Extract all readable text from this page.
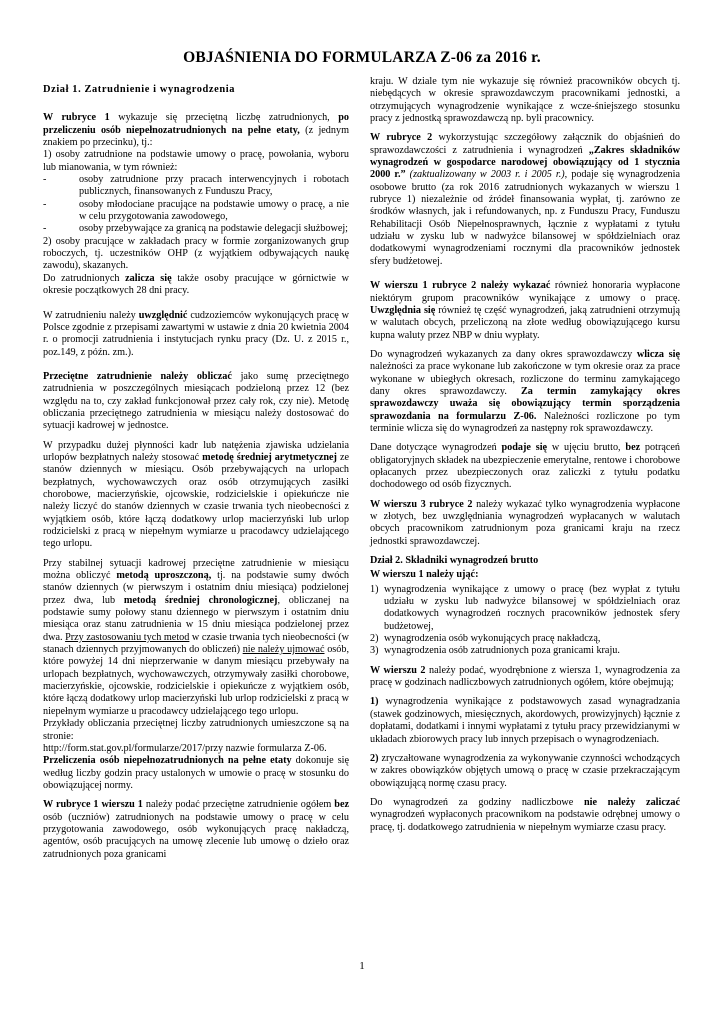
OBJAŚNIENIA DO FORMULARZA Z-06 za 2016 r.
Dział 1. Zatrudnienie i wynagrodzenia

W rubryce 1 wykazuje się przeciętną liczbę zatrudnionych, po przeliczeniu osób niepełnozatrudnionych na pełne etaty, (z jednym znakiem po przecinku), tj.:

1) osoby zatrudnione na podstawie umowy o pracę, powołania, wyboru lub mianowania, w tym również:

-	osoby zatrudnione przy pracach interwencyjnych i robotach publicznych, finansowanych z Funduszu Pracy,
-	osoby młodociane pracujące na podstawie umowy o pracę, a nie w celu przygotowania zawodowego,
-	osoby przebywające za granicą na podstawie delegacji służbowej;

2) osoby pracujące w zakładach pracy w formie zorganizowanych grup roboczych, tj. uczestników OHP (z wyjątkiem odbywających naukę zawodu), skazanych.

Do zatrudnionych zalicza się także osoby pracujące w górnictwie w okresie początkowych 28 dni pracy.

W zatrudnieniu należy uwzględnić cudzoziemców wykonujących pracę w Polsce zgodnie z przepisami zawartymi w ustawie z dnia 20 kwietnia 2004 r. o promocji zatrudnienia i instytucjach rynku pracy (Dz. U. z 2015 r., poz.149, z późn. zm.).

Przeciętne zatrudnienie należy obliczać jako sumę przeciętnego zatrudnienia w poszczególnych miesiącach podzieloną przez 12 (bez względu na to, czy zakład funkcjonował przez cały rok, czy nie). Metodę obliczania przeciętnego zatrudnienia w miesiącu należy dostosować do sytuacji kadrowej w jednostce.

W przypadku dużej płynności kadr lub natężenia zjawiska udzielania urlopów bezpłatnych należy stosować metodę średniej arytmetycznej ze stanów dziennych w miesiącu. Osób przebywających na urlopach bezpłatnych, wychowawczych oraz osób otrzymujących zasiłki chorobowe, macierzyńskie, ojcowskie, rodzicielskie i opiekuńcze nie należy liczyć do stanów dziennych w czasie trwania tych nieobecności z wyjątkiem osób, które łączą dodatkowy urlop macierzyński lub urlop rodzicielski z pracą w niepełnym wymiarze u pracodawcy udzielającego tego urlopu.

Przy stabilnej sytuacji kadrowej przeciętne zatrudnienie w miesiącu można obliczyć metodą uproszczoną, tj. na podstawie sumy dwóch stanów dziennych (w pierwszym i ostatnim dniu miesiąca) podzielonej przez dwa, lub metodą średniej chronologicznej, obliczanej na podstawie sumy połowy stanu dziennego w pierwszym i ostatnim dniu miesiąca oraz stanu zatrudnienia w 15 dniu miesiąca podzielonej przez dwa. Przy zastosowaniu tych metod w czasie trwania tych nieobecności (w stanach dziennych przyjmowanych do obliczeń) nie należy ujmować osób, które powyżej 14 dni nieprzerwanie w danym miesiącu przebywały na urlopach bezpłatnych, wychowawczych, otrzymywały zasiłki chorobowe, macierzyńskie, ojcowskie, rodzicielskie i opiekuńcze z wyjątkiem osób, które łączą dodatkowy urlop macierzyński lub urlop rodzicielski z pracą w niepełnym wymiarze u pracodawcy udzielającego tego urlopu.

Przykłady obliczania przeciętnej liczby zatrudnionych umieszczone są na stronie:

http://form.stat.gov.pl/formularze/2017/przy nazwie formularza Z-06.

Przeliczenia osób niepełnozatrudnionych na pełne etaty dokonuje się według liczby godzin pracy ustalonych w umowie o pracę w stosunku do obowiązującej normy.

W rubryce 1 wierszu 1 należy podać przeciętne zatrudnienie ogółem bez osób (uczniów) zatrudnionych na podstawie umowy o pracę w celu przygotowania zawodowego, osób wykonujących pracę nakładczą, agentów, osób pracujących na umowę zlecenie lub umowę o dzieło oraz zatrudnionych poza granicami

kraju. W dziale tym nie wykazuje się również pracowników obcych tj. niebędących w okresie sprawozdawczym pracownikami jednostki, a otrzymujących wynagrodzenie wynikające z wcze-śniejszego stosunku pracy z jednostką sprawozdawczą np. byli pracownicy.

W rubryce 2 wykorzystując szczegółowy załącznik do objaśnień do sprawozdawczości z zatrudnienia i wynagrodzeń „Zakres składników wynagrodzeń w gospodarce narodowej obowiązujący od 1 stycznia 2000 r.” (zaktualizowany w 2003 r. i 2005 r.), podaje się wynagrodzenia osobowe brutto (za rok 2016 zatrudnionych wykazanych w wierszu 1 rubryce 1) niezależnie od źródeł finansowania wypłat, tj. zarówno ze środków własnych, jak i refundowanych, np. z Funduszu Pracy, Funduszu Rehabilitacji Osób Niepełnosprawnych, łącznie z wypłatami z tytułu udziału w zysku lub w nadwyżce bilansowej w spółdzielniach oraz dodatkowymi wynagrodzeniami rocznymi dla pracowników jednostek sfery budżetowej.

W wierszu 1 rubryce 2 należy wykazać również honoraria wypłacone niektórym grupom pracowników wynikające z umowy o pracę. Uwzględnia się również tę część wynagrodzeń, jaką zatrudnieni otrzymują w walutach obcych, przeliczoną na złote według obowiązującego kursu kupna waluty przez NBP w dniu wypłaty.

Do wynagrodzeń wykazanych za dany okres sprawozdawczy wlicza się należności za prace wykonane lub zakończone w tym okresie oraz za prace wykonane w ubiegłych okresach, rozliczone do terminu zamykającego dany okres sprawozdawczy. Za termin zamykający okres sprawozdawczy uważa się obowiązujący termin sporządzenia sprawozdania na formularzu Z-06. Należności rozliczone po tym terminie wlicza się do wynagrodzeń za następny rok sprawozdawczy.

Dane dotyczące wynagrodzeń podaje się w ujęciu brutto, bez potrąceń obligatoryjnych składek na ubezpieczenie emerytalne, rentowe i chorobowe opłacanych przez ubezpieczonych oraz zaliczki z tytułu podatku dochodowego od osób fizycznych.

W wierszu 3 rubryce 2 należy wykazać tylko wynagrodzenia wypłacone w złotych, bez uwzględniania wynagrodzeń wypłacanych w walutach obcych pracownikom zatrudnionym poza granicami kraju na rzecz jednostki sprawozdawczej.

Dział 2. Składniki wynagrodzeń brutto
W wierszu 1 należy ująć:
1) wynagrodzenia wynikające z umowy o pracę (bez wypłat z tytułu udziału w zysku lub nadwyżce bilansowej w spółdzielniach oraz dodatkowych wynagrodzeń rocznych pracowników jednostek sfery budżetowej,
2) wynagrodzenia osób wykonujących pracę nakładczą,
3) wynagrodzenia osób zatrudnionych poza granicami kraju.

W wierszu 2 należy podać, wyodrębnione z wiersza 1, wynagrodzenia za pracę w godzinach nadliczbowych zatrudnionych ogółem, które obejmują;

1) wynagrodzenia wynikające z podstawowych zasad wynagradzania (stawek godzinowych, miesięcznych, akordowych, prowizyjnych) łącznie z dopłatami, dodatkami i innymi wypłatami z tytułu pracy przewidzianymi w układach zbiorowych pracy lub innych przepisach o wynagrodzeniach.

2) zryczałtowane wynagrodzenia za wykonywanie czynności wchodzących w zakres obowiązków objętych umową o pracę w czasie przekraczającym obowiązującą normę czasu pracy.

Do wynagrodzeń za godziny nadliczbowe nie należy zaliczać wynagrodzeń wypłaconych pracownikom na podstawie odrębnej umowy o pracę, tj. dodatkowego zatrudnienia w niepełnym wymiarze czasu pracy.

1
